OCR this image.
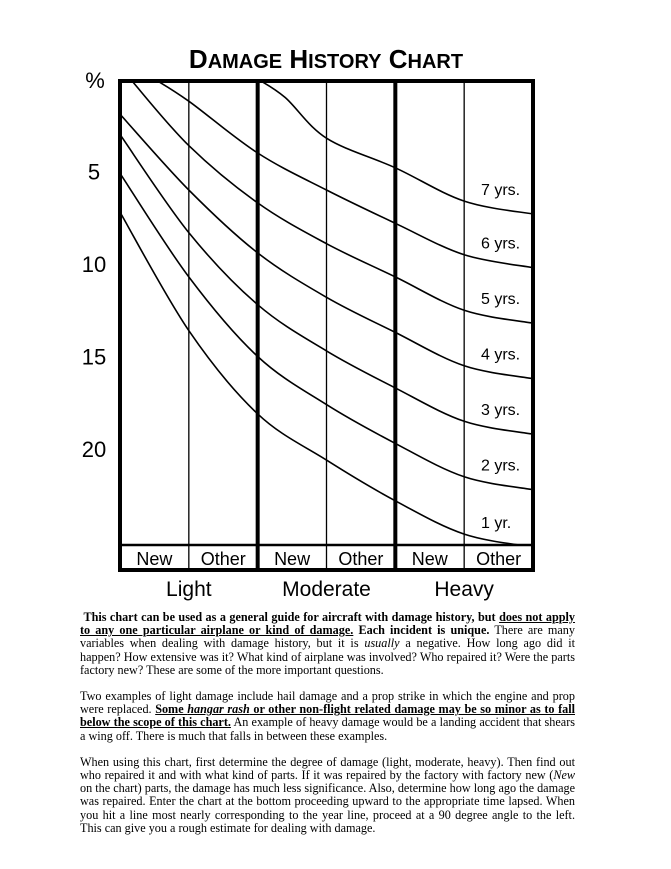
DAMAGE HISTORY CHART
%
5
10
15
20
1 yr.
2 yrs.
3 yrs.
4 yrs.
5 yrs.
6 yrs.
7 yrs.
New Other New Other New Other
Light	Moderate	Heavy

This chart can be used as a general guide for aircraft with damage history, but does not apply to any one particular airplane or kind of damage. Each incident is unique. There are many variables when dealing with damage history, but it is usually a negative. How long ago did it happen? How extensive was it? What kind of airplane was involved? Who repaired it? Were the parts factory new? These are some of the more important questions.

Two examples of light damage include hail damage and a prop strike in which the engine and prop were replaced. Some hangar rash or other non-flight related damage may be so minor as to fall below the scope of this chart. An example of heavy damage would be a landing accident that shears a wing off. There is much that falls in between these examples.

When using this chart, first determine the degree of damage (light, moderate, heavy). Then find out who repaired it and with what kind of parts. If it was repaired by the factory with factory new (New on the chart) parts, the damage has much less significance. Also, determine how long ago the damage was repaired. Enter the chart at the bottom proceeding upward to the appropriate time lapsed. When you hit a line most nearly corresponding to the year line, proceed at a 90 degree angle to the left. This can give you a rough estimate for dealing with damage.
